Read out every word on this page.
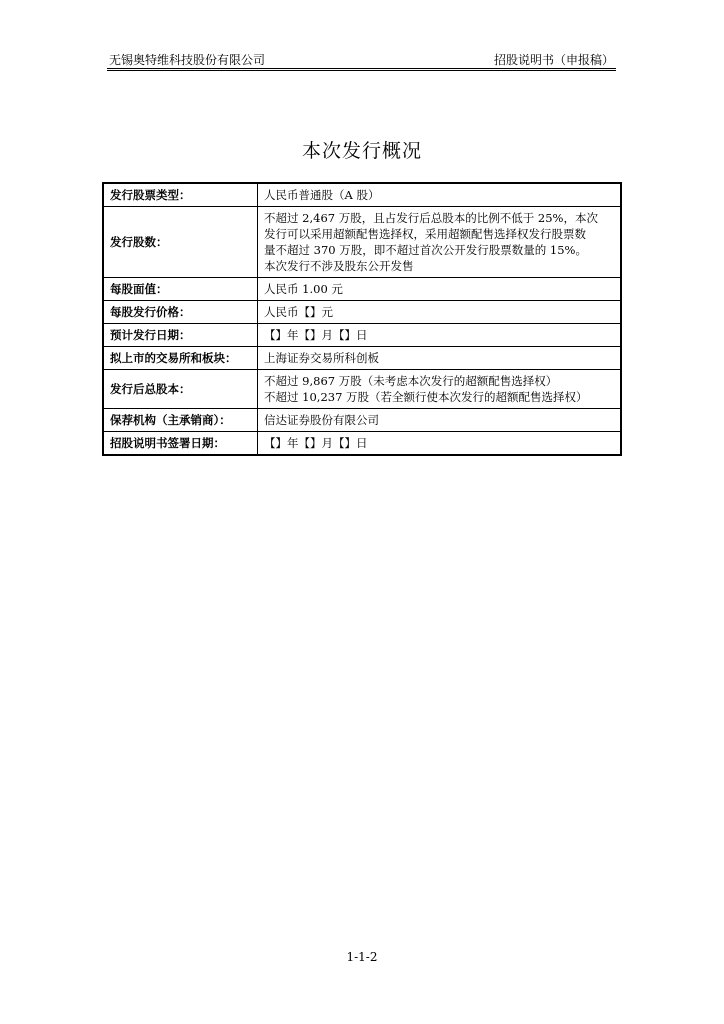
无锡奥特维科技股份有限公司	招股说明书（申报稿）
本次发行概况
发行股票类型：	人民币普通股（A 股）

发行股数：	不超过 2,467 万股，且占发行后总股本的比例不低于 25%，本次
发行可以采用超额配售选择权，采用超额配售选择权发行股票数
量不超过 370 万股，即不超过首次公开发行股票数量的 15%。
本次发行不涉及股东公开发售

每股面值：	人民币 1.00 元

每股发行价格：	人民币【】元

预计发行日期：	【】年【】月【】日

拟上市的交易所和板块：	上海证券交易所科创板

发行后总股本：	不超过 9,867 万股（未考虑本次发行的超额配售选择权）
不超过 10,237 万股（若全额行使本次发行的超额配售选择权）

保荐机构（主承销商）：	信达证券股份有限公司

招股说明书签署日期：	【】年【】月【】日
1-1-2
